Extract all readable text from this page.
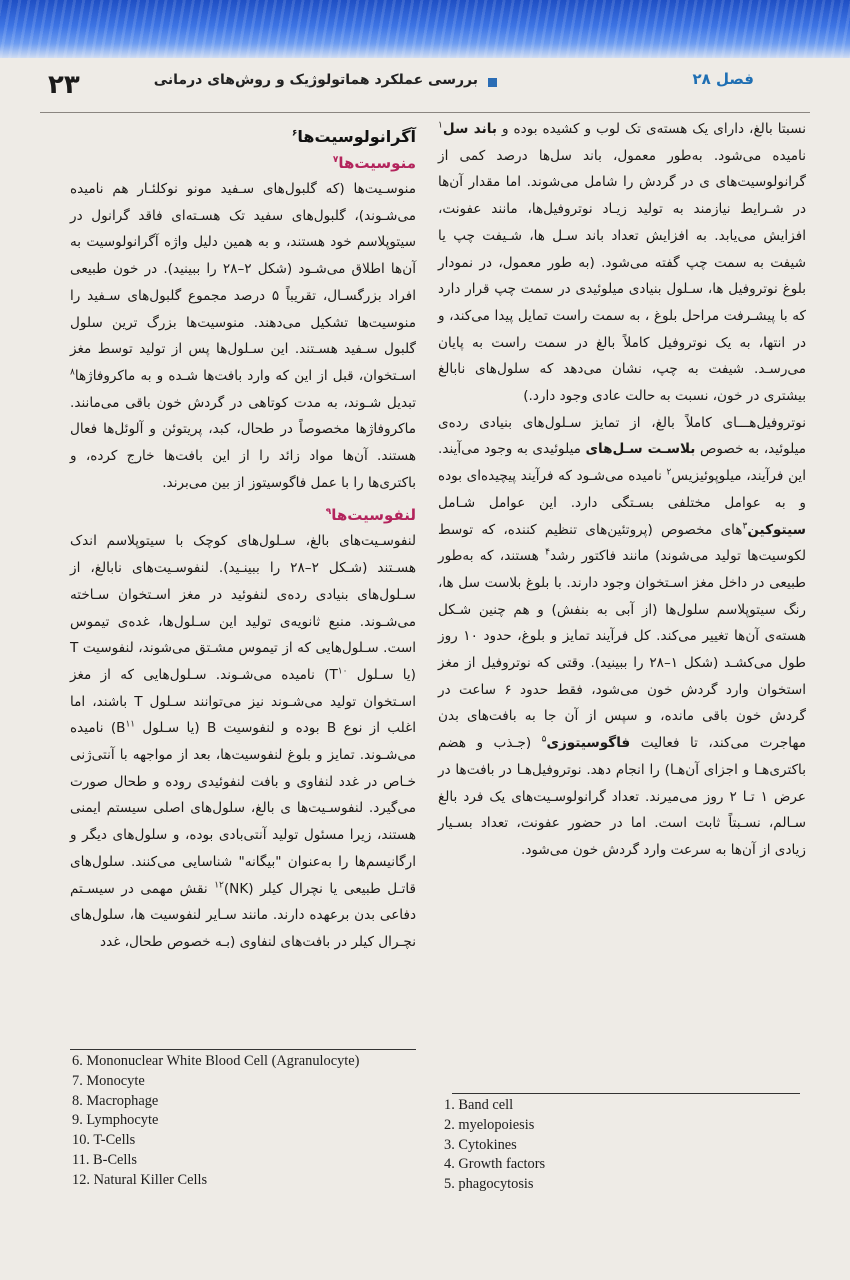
۲۳	بررسی عملکرد هماتولوژیک و روش‌های درمانی	فصل ۲۸

نسبتا بالغ، دارای یک هسته‌ی تک لوب و کشیده بوده و باند سل$^۱$ نامیده می‌شود. به‌طور معمول، باند سل‌ها درصد کمی از گرانولوسیت‌های ی در گردش را شامل می‌شوند. اما مقدار آن‌ها در شـرایط نیازمند به تولید زیـاد نوتروفیل‌ها، مانند عفونت، افزایش می‌یابد. به افزایش تعداد باند سـل ها، شـیفت چپ یا شیفت به سمت چپ گفته می‌شود. (به طور معمول، در نمودار بلوغ نوتروفیل ها، سـلول بنیادی میلوئیدی در سمت چپ قرار دارد که با پیشـرفت مراحل بلوغ ، به سمت راست تمایل پیدا می‌کند، و در انتها، به یک نوتروفیل کاملاً بالغ در سمت راست به پایان می‌رسـد. شیفت به چپ، نشان می‌دهد که سلول‌های نابالغ بیشتری در خون، نسبت به حالت عادی وجود دارد.)

نوتروفیل‌هـــای کاملاً بالغ، از تمایز سـلول‌های بنیادی رده‌ی میلوئید، به خصوص بلاسـت سـل‌های میلوئیدی به وجود می‌آیند. این فرآیند، میلوپوئیزیس$^۲$ نامیده می‌شـود که فرآیند پیچیده‌ای بوده و به عوامل مختلفی بسـتگی دارد. این عوامل شـامل سیتوکین$^۳$های مخصوص (پروتئین‌های تنظیم کننده، که توسط لکوسیت‌ها تولید می‌شوند) مانند فاکتور رشد$^۴$ هستند، که به‌طور طبیعی در داخل مغز اسـتخوان وجود دارند. با بلوغ بلاست سل ها، رنگ سیتوپلاسم سلول‌ها (از آبی به بنفش) و هم چنین شـکل هسته‌ی آن‌ها تغییر می‌کند. کل فرآیند تمایز و بلوغ، حدود ۱۰ روز طول می‌کشـد (شکل ۱–۲۸ را ببینید). وقتی که نوتروفیل از مغز استخوان وارد گردش خون می‌شود، فقط حدود ۶ ساعت در گردش خون باقی مانده، و سپس از آن جا به بافت‌های بدن مهاجرت می‌کند، تا فعالیت فاگوسیتوزی$^۵$ (جـذب و هضم باکتری‌هـا و اجزای آن‌هـا) را انجام دهد. نوتروفیل‌هـا در بافت‌ها در عرض ۱ تـا ۲ روز می‌میرند. تعداد گرانولوسـیت‌های یک فرد بالغ سـالم، نسـبتاً ثابت است. اما در حضور عفونت، تعداد بسـیار زیادی از آن‌ها به سرعت وارد گردش خون می‌شود.

آگرانولوسیت‌ها$^۶$

منوسیت‌ها$^۷$

منوسـیت‌ها (که گلبول‌های سـفید مونو نوکلئـار هم نامیده می‌شـوند)، گلبول‌های سفید تک هسـته‌ای فاقد گرانول در سیتوپلاسم خود هستند، و به همین دلیل واژه آگرانولوسیت به آن‌ها اطلاق می‌شـود (شکل ۲–۲۸ را ببینید). در خون طبیعی افراد بزرگسـال، تقریباً ۵ درصد مجموع گلبول‌های سـفید را منوسیت‌ها تشکیل می‌دهند. منوسیت‌ها بزرگ ترین سلول گلبول سـفید هسـتند. این سـلول‌ها پس از تولید توسط مغز اسـتخوان، قبل از این که وارد بافت‌ها شـده و به ماکروفاژها$^۸$ تبدیل شـوند، به مدت کوتاهی در گردش خون باقی می‌مانند. ماکروفاژها مخصوصاً در طحال، کبد، پریتوئن و آلوئل‌ها فعال هستند. آن‌ها مواد زائد را از این بافت‌ها خارج کرده، و باکتری‌ها را با عمل فاگوسیتوز از بین می‌برند.

لنفوسیت‌ها$^۹$

لنفوسـیت‌های بالغ، سـلول‌های کوچک با سیتوپلاسم اندک هسـتند (شـکل ۲–۲۸ را ببینـید). لنفوسـیت‌های نابالغ، از سـلول‌های بنیادی رده‌ی لنفوئید در مغز اسـتخوان سـاخته می‌شـوند. منبع ثانویه‌ی تولید این سـلول‌ها، غده‌ی تیموس است. سـلول‌هایی که از تیموس مشـتق می‌شوند، لنفوسیت T (یا سـلول $T^{۱۰}$) نامیده می‌شـوند. سـلول‌هایی که از مغز اسـتخوان تولید می‌شـوند نیز می‌توانند سـلول T باشند، اما اغلب از نوع B بوده و لنفوسیت B (یا سـلول $B^{۱۱}$) نامیده می‌شـوند. تمایز و بلوغ لنفوسیت‌ها، بعد از مواجهه با آنتی‌ژنی خـاص در غدد لنفاوی و بافت لنفوئیدی روده و طحال صورت می‌گیرد. لنفوسـیت‌ها ی بالغ، سلول‌های اصلی سیستم ایمنی هستند، زیرا مسئول تولید آنتی‌بادی بوده، و سلول‌های دیگر و ارگانیسم‌ها را به‌عنوان "بیگانه" شناسایی می‌کنند. سلول‌های قاتـل طبیعی یا نچرال کیلر (NK)$^{۱۲}$ نقش مهمی در سیسـتم دفاعی بدن برعهده دارند. مانند سـایر لنفوسیت ها، سلول‌های نچـرال کیلر در بافت‌های لنفاوی (بـه خصوص طحال، غدد

6. Mononuclear White Blood Cell (Agranulocyte)
7. Monocyte
8. Macrophage
9. Lymphocyte
10. T-Cells
11. B-Cells
12. Natural Killer Cells
1. Band cell
2. myelopoiesis
3. Cytokines
4. Growth factors
5. phagocytosis
